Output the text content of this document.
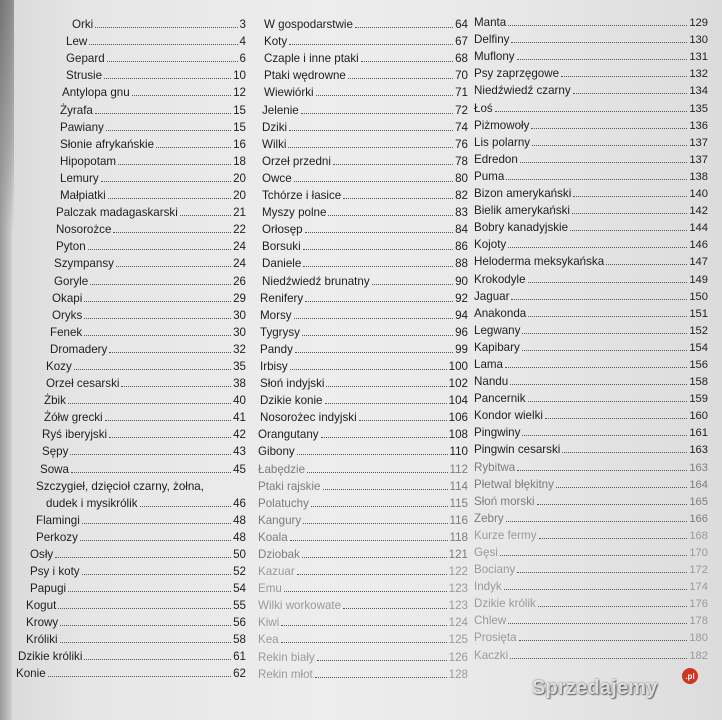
Orki	3
Lew	4
Gepard	6
Strusie	10
Antylopa gnu	12
Żyrafa	15
Pawiany	15
Słonie afrykańskie	16
Hipopotam	18
Lemury	20
Małpiatki	20
Palczak madagaskarski	21
Nosorożce	22
Pyton	24
Szympansy	24
Goryle	26
Okapi	29
Oryks	30
Fenek	30
Dromadery	32
Kozy	35
Orzeł cesarski	38
Żbik	40
Żółw grecki	41
Ryś iberyjski	42
Sępy	43
Sowa	45
Szczygieł, dzięcioł czarny, żołna,
dudek i mysikrólik	46
Flamingi	48
Perkozy	48
Osły	50
Psy i koty	52
Papugi	54
Kogut	55
Krowy	56
Króliki	58
Dzikie króliki	61
Konie	62
W gospodarstwie	64
Koty	67
Czaple i inne ptaki	68
Ptaki wędrowne	70
Wiewiórki	71
Jelenie	72
Dziki	74
Wilki	76
Orzeł przedni	78
Owce	80
Tchórze i łasice	82
Myszy polne	83
Orłosęp	84
Borsuki	86
Daniele	88
Niedźwiedź brunatny	90
Renifery	92
Morsy	94
Tygrysy	96
Pandy	99
Irbisy	100
Słoń indyjski	102
Dzikie konie	104
Nosorożec indyjski	106
Orangutany	108
Gibony	110
Łabędzie	112
Ptaki rajskie	114
Polatuchy	115
Kangury	116
Koala	118
Dziobak	121
Kazuar	122
Emu	123
Wilki workowate	123
Kiwi	124
Kea	125
Rekin biały	126
Rekin młot	128
Manta	129
Delfiny	130
Muflony	131
Psy zaprzęgowe	132
Niedźwiedź czarny	134
Łoś	135
Piżmowoły	136
Lis polarny	137
Edredon	137
Puma	138
Bizon amerykański	140
Bielik amerykański	142
Bobry kanadyjskie	144
Kojoty	146
Heloderma meksykańska	147
Krokodyle	149
Jaguar	150
Anakonda	151
Legwany	152
Kapibary	154
Lama	156
Nandu	158
Pancernik	159
Kondor wielki	160
Pingwiny	161
Pingwin cesarski	163
Rybitwa	163
Płetwal błękitny	164
Słoń morski	165
Zebry	166
Kurze fermy	168
Gęsi	170
Bociany	172
Indyk	174
Dzikie królik	176
Chlew	178
Prosięta	180
Kaczki	182
Sprzedajemy
.pl
